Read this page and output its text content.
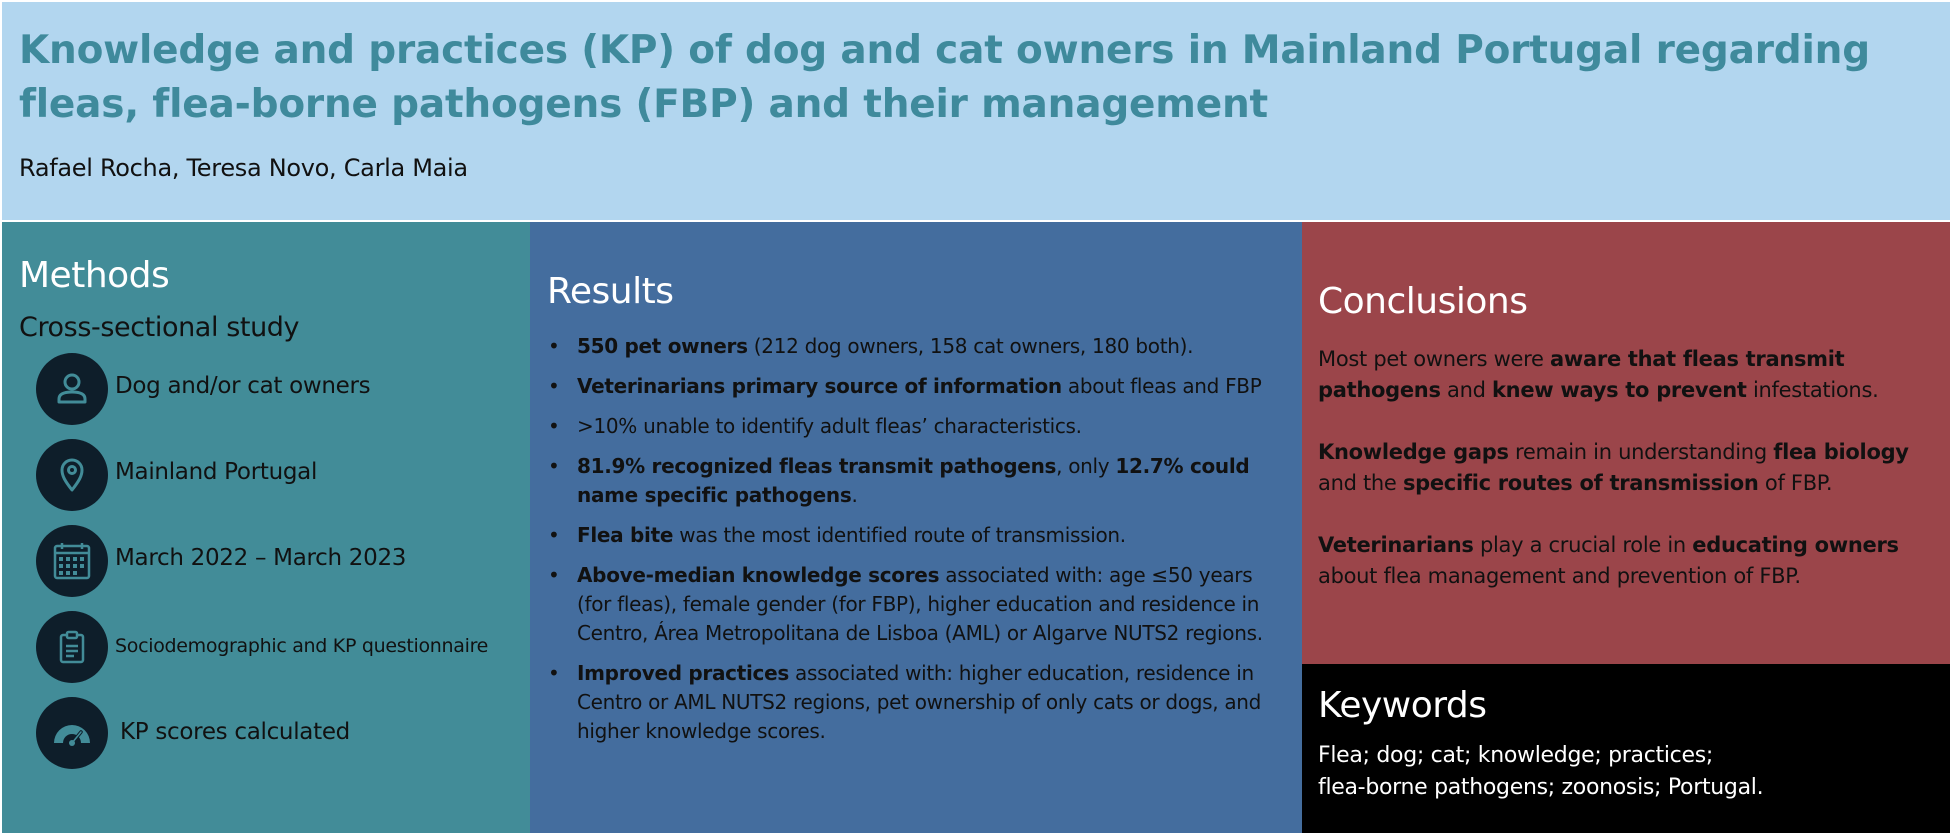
Knowledge and practices (KP) of dog and cat owners in Mainland Portugal regarding fleas, flea-borne pathogens (FBP) and their management
Rafael Rocha, Teresa Novo, Carla Maia
Methods
Cross-sectional study
Dog and/or cat owners
Mainland Portugal
March 2022 – March 2023
Sociodemographic and KP questionnaire
KP scores calculated
Results
• 550 pet owners (212 dog owners, 158 cat owners, 180 both).
• Veterinarians primary source of information about fleas and FBP
• >10% unable to identify adult fleas’ characteristics.
• 81.9% recognized fleas transmit pathogens, only 12.7% could name specific pathogens.
• Flea bite was the most identified route of transmission.
• Above-median knowledge scores associated with: age ≤50 years (for fleas), female gender (for FBP), higher education and residence in Centro, Área Metropolitana de Lisboa (AML) or Algarve NUTS2 regions.
• Improved practices associated with: higher education, residence in Centro or AML NUTS2 regions, pet ownership of only cats or dogs, and higher knowledge scores.
Conclusions
Most pet owners were aware that fleas transmit pathogens and knew ways to prevent infestations.
Knowledge gaps remain in understanding flea biology and the specific routes of transmission of FBP.
Veterinarians play a crucial role in educating owners about flea management and prevention of FBP.
Keywords
Flea; dog; cat; knowledge; practices;
flea-borne pathogens; zoonosis; Portugal.
